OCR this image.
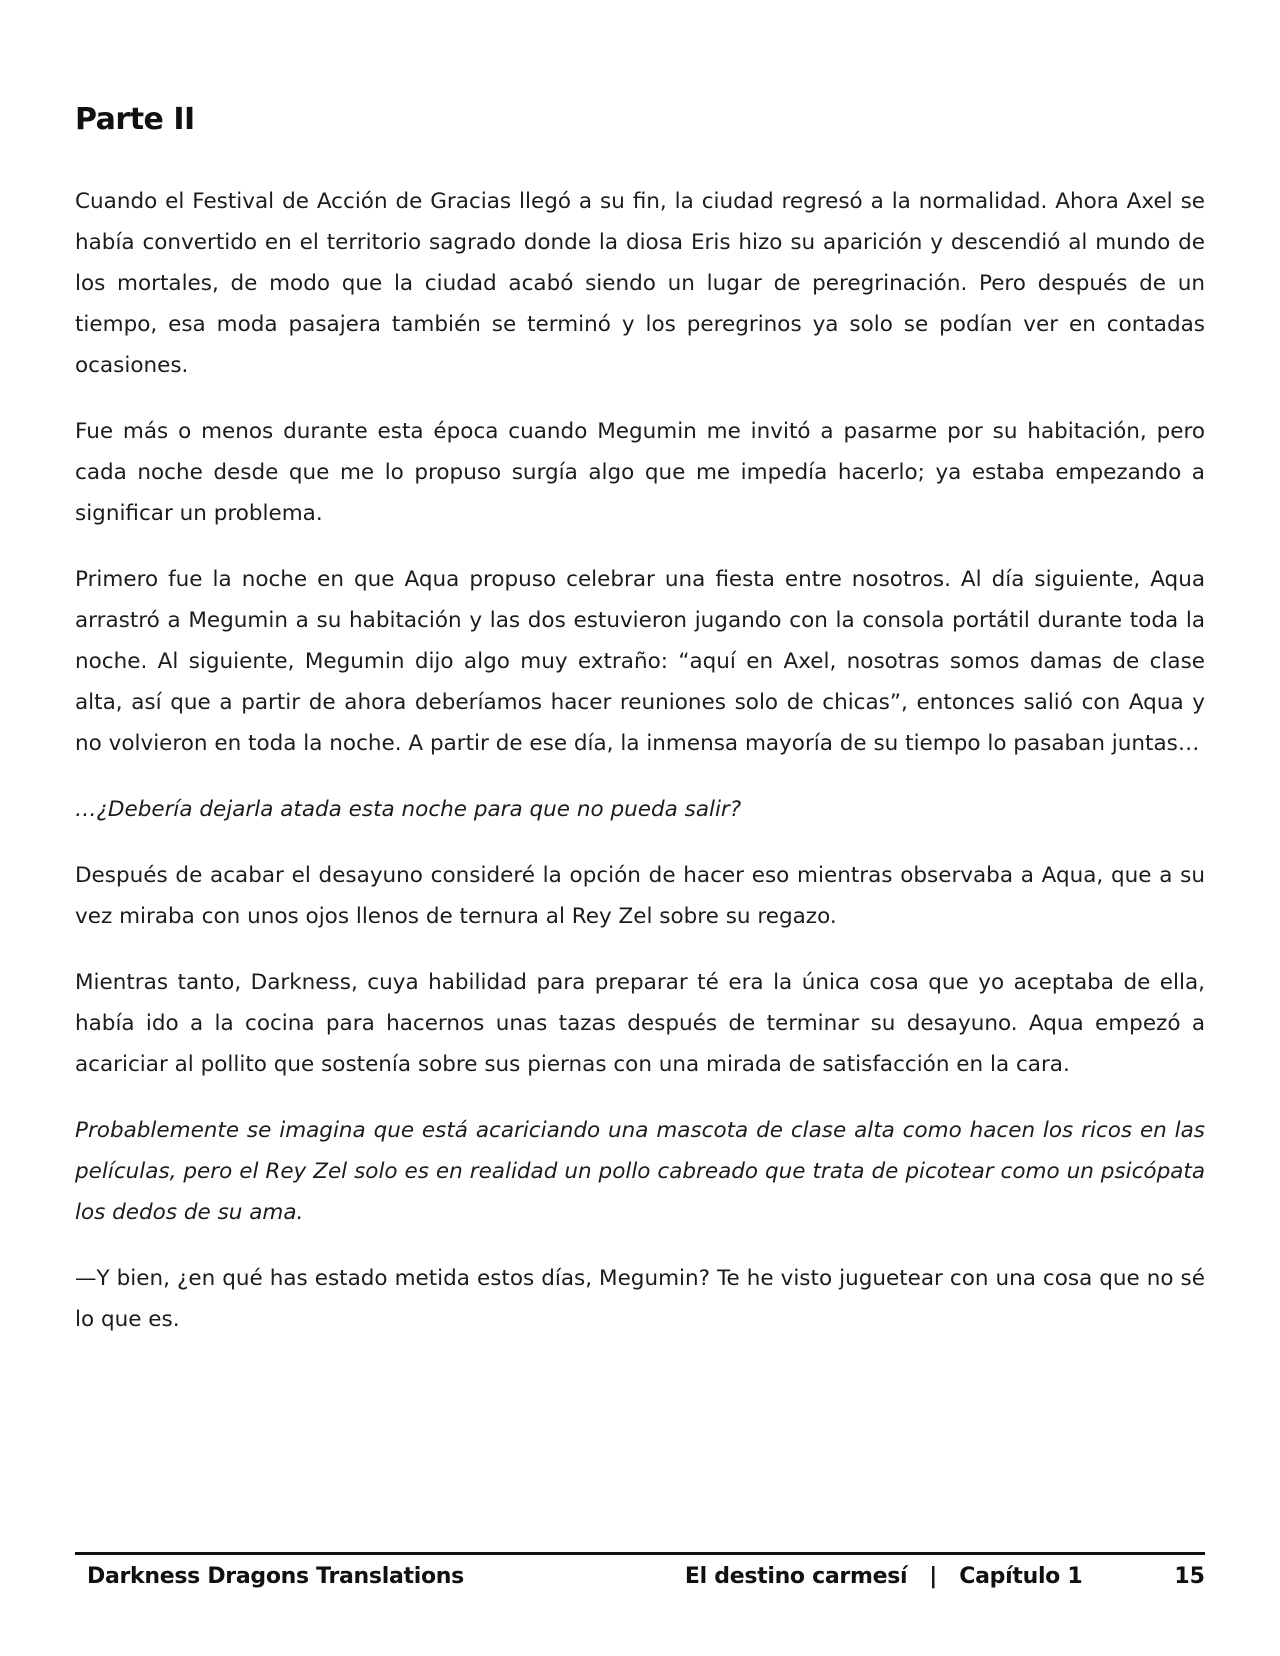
Parte II

Cuando el Festival de Acción de Gracias llegó a su fin, la ciudad regresó a la normalidad. Ahora Axel se había convertido en el territorio sagrado donde la diosa Eris hizo su aparición y descendió al mundo de los mortales, de modo que la ciudad acabó siendo un lugar de peregrinación. Pero después de un tiempo, esa moda pasajera también se terminó y los peregrinos ya solo se podían ver en contadas ocasiones.

Fue más o menos durante esta época cuando Megumin me invitó a pasarme por su habitación, pero cada noche desde que me lo propuso surgía algo que me impedía hacerlo; ya estaba empezando a significar un problema.

Primero fue la noche en que Aqua propuso celebrar una fiesta entre nosotros. Al día siguiente, Aqua arrastró a Megumin a su habitación y las dos estuvieron jugando con la consola portátil durante toda la noche. Al siguiente, Megumin dijo algo muy extraño: “aquí en Axel, nosotras somos damas de clase alta, así que a partir de ahora deberíamos hacer reuniones solo de chicas”, entonces salió con Aqua y no volvieron en toda la noche. A partir de ese día, la inmensa mayoría de su tiempo lo pasaban juntas…

…¿Debería dejarla atada esta noche para que no pueda salir?

Después de acabar el desayuno consideré la opción de hacer eso mientras observaba a Aqua, que a su vez miraba con unos ojos llenos de ternura al Rey Zel sobre su regazo.

Mientras tanto, Darkness, cuya habilidad para preparar té era la única cosa que yo aceptaba de ella, había ido a la cocina para hacernos unas tazas después de terminar su desayuno. Aqua empezó a acariciar al pollito que sostenía sobre sus piernas con una mirada de satisfacción en la cara.

Probablemente se imagina que está acariciando una mascota de clase alta como hacen los ricos en las películas, pero el Rey Zel solo es en realidad un pollo cabreado que trata de picotear como un psicópata los dedos de su ama.

—Y bien, ¿en qué has estado metida estos días, Megumin? Te he visto juguetear con una cosa que no sé lo que es.

Darkness Dragons Translations	El destino carmesí | Capítulo 1	15
